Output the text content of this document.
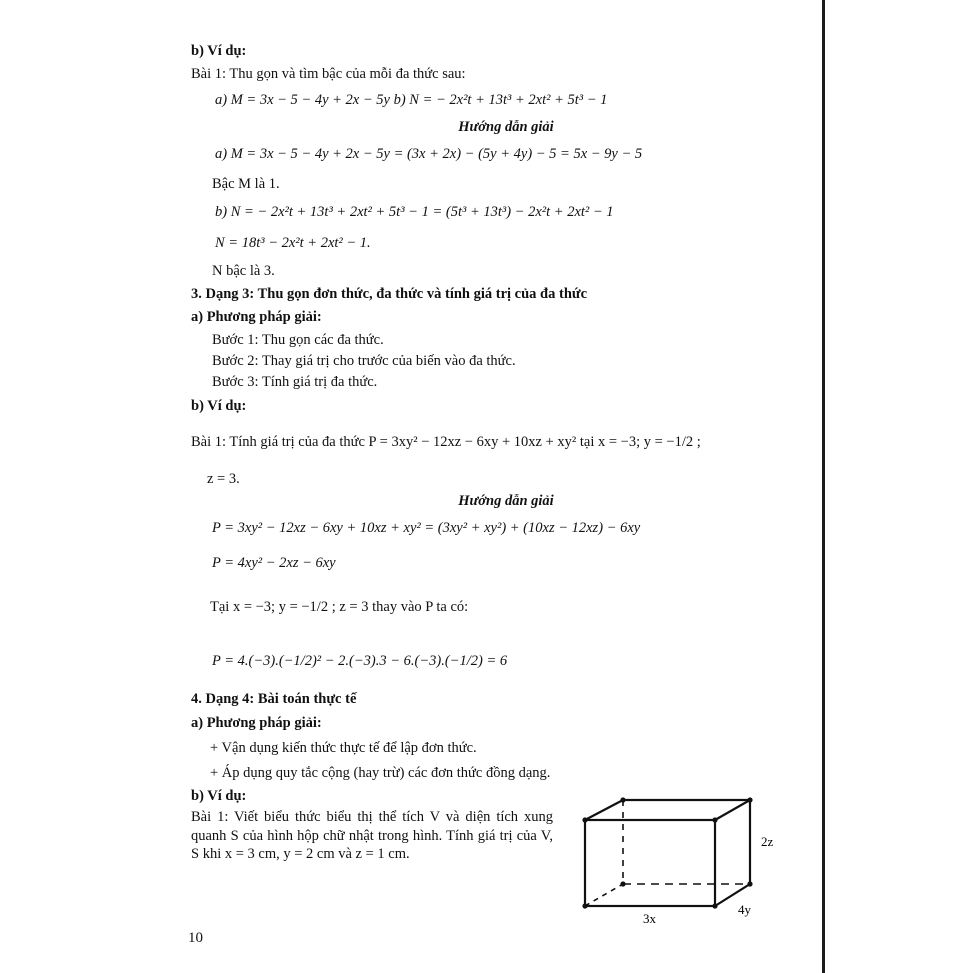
b) Ví dụ:
Bài 1: Thu gọn và tìm bậc của mỗi đa thức sau:
a) M = 3x − 5 − 4y + 2x − 5y b) N = − 2x²t + 13t³ + 2xt² + 5t³ − 1
Hướng dẫn giải
a) M = 3x − 5 − 4y + 2x − 5y = (3x + 2x) − (5y + 4y) − 5 = 5x − 9y − 5
Bậc M là 1.
b) N = − 2x²t + 13t³ + 2xt² + 5t³ − 1 = (5t³ + 13t³) − 2x²t + 2xt² − 1
N = 18t³ − 2x²t + 2xt² − 1.
N bậc là 3.
3. Dạng 3: Thu gọn đơn thức, đa thức và tính giá trị của đa thức
a) Phương pháp giải:
Bước 1: Thu gọn các đa thức.
Bước 2: Thay giá trị cho trước của biến vào đa thức.
Bước 3: Tính giá trị đa thức.
b) Ví dụ:
Bài 1: Tính giá trị của đa thức P = 3xy² − 12xz − 6xy + 10xz + xy² tại x = −3; y = −1/2 ;
z = 3.
Hướng dẫn giải
P = 3xy² − 12xz − 6xy + 10xz + xy² = (3xy² + xy²) + (10xz − 12xz) − 6xy
P = 4xy² − 2xz − 6xy
Tại x = −3; y = −1/2 ; z = 3 thay vào P ta có:
P = 4.(−3).(−1/2)² − 2.(−3).3 − 6.(−3).(−1/2) = 6
4. Dạng 4: Bài toán thực tế
a) Phương pháp giải:
+ Vận dụng kiến thức thực tế để lập đơn thức.
+ Áp dụng quy tắc cộng (hay trừ) các đơn thức đồng dạng.
b) Ví dụ:
Bài 1: Viết biểu thức biểu thị thể tích V và diện tích xung quanh S của hình hộp chữ nhật trong hình. Tính giá trị của V, S khi x = 3 cm, y = 2 cm và z = 1 cm.
2z
3x
4y
10
